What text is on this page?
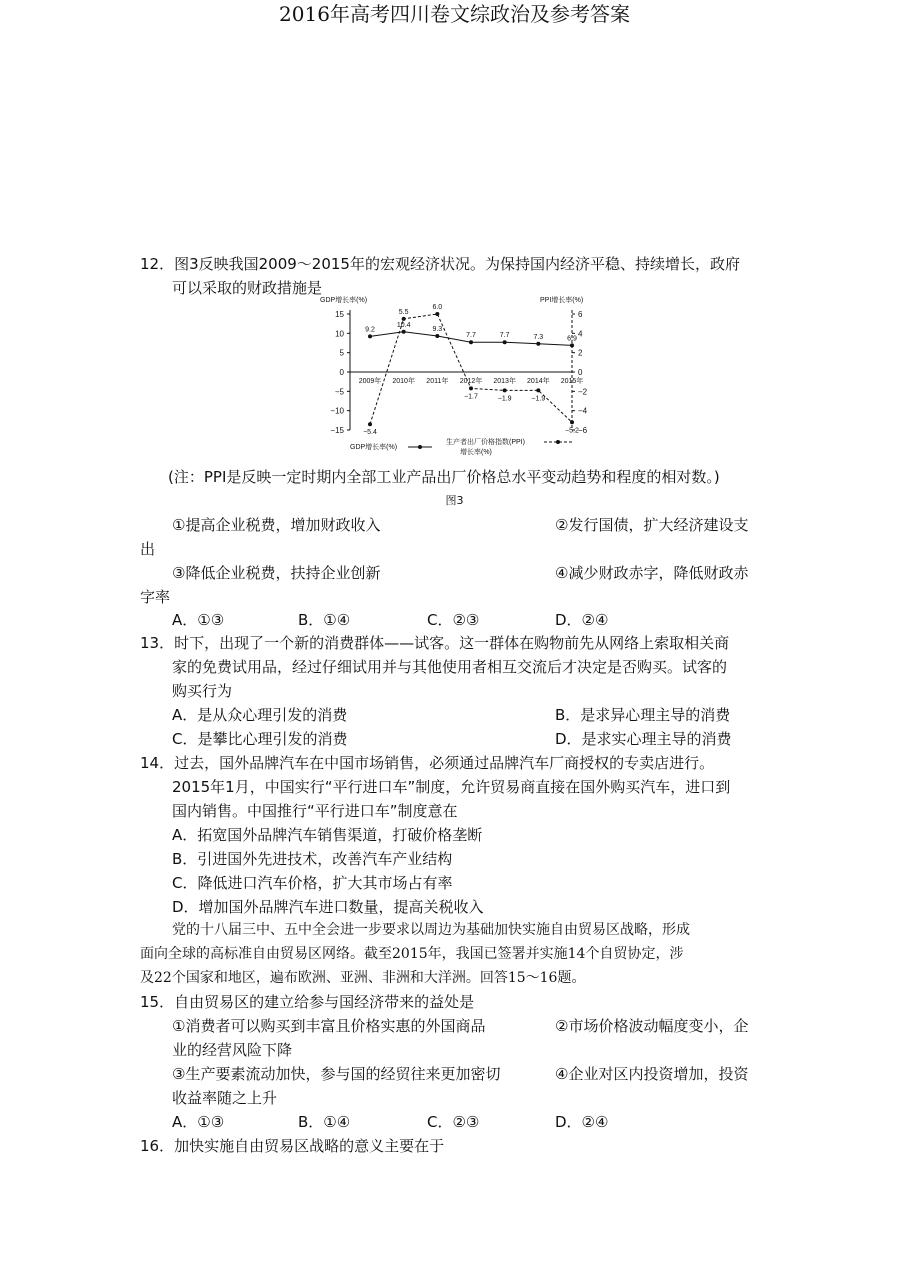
2016年高考四川卷文综政治及参考答案
12．图3反映我国2009～2015年的宏观经济状况。为保持国内经济平稳、持续增长，政府
可以采取的财政措施是
GDP增长率(%)	PPI增长率(%)
15
10
5
0
−5
−10
−15
6
4
2
0
−2
−4
−6
2009年 2010年 2011年 2012年 2013年 2014年 2015年
9.2
10.4
9.3
7.7	7.7	7.3	6.9
−5.4
5.5
6.0
−1.7	−1.9	−1.9
−5.2
GDP增长率(%)
生产者出厂价格指数(PPI)
增长率(%)
(注：PPI是反映一定时期内全部工业产品出厂价格总水平变动趋势和程度的相对数。)
图3
①提高企业税费，增加财政收入	②发行国债，扩大经济建设支
出
③降低企业税费，扶持企业创新	④减少财政赤字，降低财政赤
字率
A．①③	B．①④	C．②③	D．②④
13．时下，出现了一个新的消费群体——试客。这一群体在购物前先从网络上索取相关商
家的免费试用品，经过仔细试用并与其他使用者相互交流后才决定是否购买。试客的
购买行为
A．是从众心理引发的消费	B．是求异心理主导的消费
C．是攀比心理引发的消费	D．是求实心理主导的消费
14．过去，国外品牌汽车在中国市场销售，必须通过品牌汽车厂商授权的专卖店进行。
2015年1月，中国实行“平行进口车”制度，允许贸易商直接在国外购买汽车，进口到
国内销售。中国推行“平行进口车”制度意在
A．拓宽国外品牌汽车销售渠道，打破价格垄断
B．引进国外先进技术，改善汽车产业结构
C．降低进口汽车价格，扩大其市场占有率
D．增加国外品牌汽车进口数量，提高关税收入
党的十八届三中、五中全会进一步要求以周边为基础加快实施自由贸易区战略，形成
面向全球的高标准自由贸易区网络。截至2015年，我国已签署并实施14个自贸协定，涉
及22个国家和地区，遍布欧洲、亚洲、非洲和大洋洲。回答15～16题。
15．自由贸易区的建立给参与国经济带来的益处是
①消费者可以购买到丰富且价格实惠的外国商品	②市场价格波动幅度变小，企
业的经营风险下降
③生产要素流动加快，参与国的经贸往来更加密切	④企业对区内投资增加，投资
收益率随之上升
A．①③	B．①④	C．②③	D．②④
16．加快实施自由贸易区战略的意义主要在于
